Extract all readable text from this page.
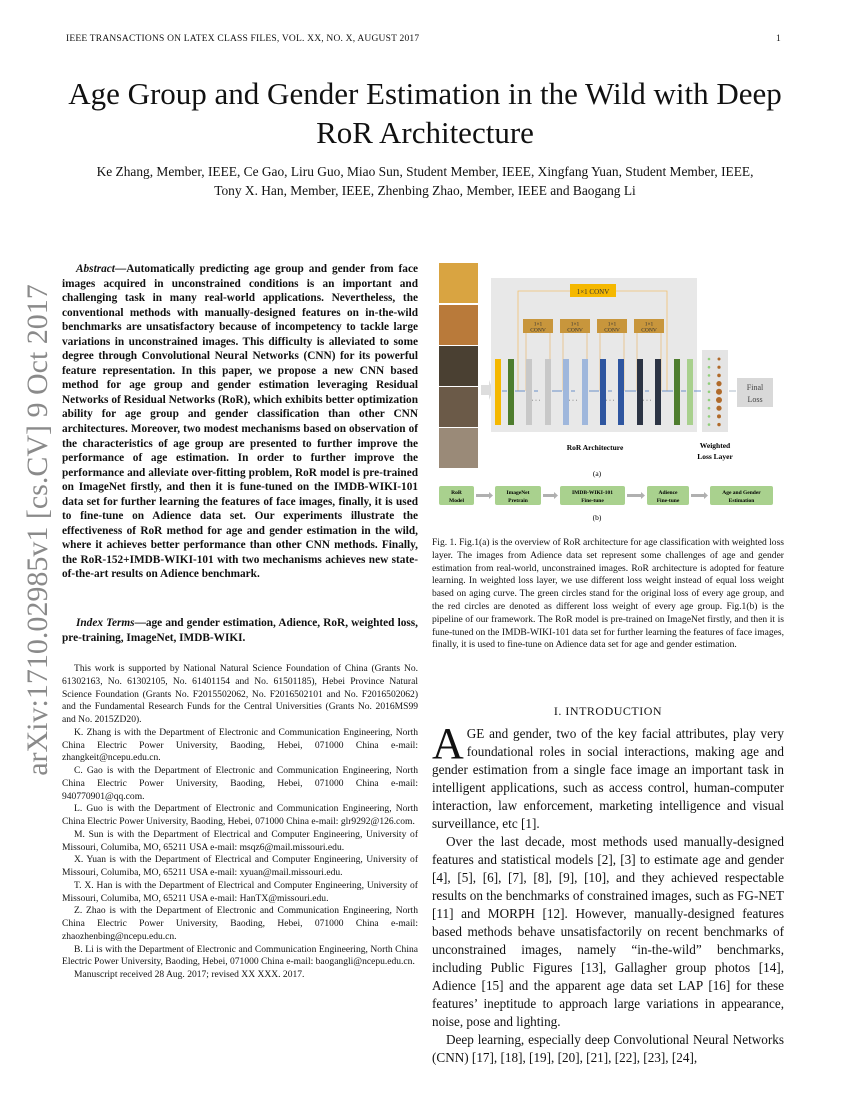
IEEE TRANSACTIONS ON LATEX CLASS FILES, VOL. XX, NO. X, AUGUST 2017	1
Age Group and Gender Estimation in the Wild with Deep RoR Architecture
Ke Zhang, Member, IEEE, Ce Gao, Liru Guo, Miao Sun, Student Member, IEEE, Xingfang Yuan, Student Member, IEEE, Tony X. Han, Member, IEEE, Zhenbing Zhao, Member, IEEE and Baogang Li
arXiv:1710.02985v1 [cs.CV] 9 Oct 2017

Abstract—Automatically predicting age group and gender from face images acquired in unconstrained conditions is an important and challenging task in many real-world applications. Nevertheless, the conventional methods with manually-designed features on in-the-wild benchmarks are unsatisfactory because of incompetency to tackle large variations in unconstrained images. This difficulty is alleviated to some degree through Convolutional Neural Networks (CNN) for its powerful feature representation. In this paper, we propose a new CNN based method for age group and gender estimation leveraging Residual Networks of Residual Networks (RoR), which exhibits better optimization ability for age group and gender classification than other CNN architectures. Moreover, two modest mechanisms based on observation of the characteristics of age group are presented to further improve the performance of age estimation. In order to further improve the performance and alleviate over-fitting problem, RoR model is pre-trained on ImageNet firstly, and then it is fune-tuned on the IMDB-WIKI-101 data set for further learning the features of face images, finally, it is used to fine-tune on Adience data set. Our experiments illustrate the effectiveness of RoR method for age and gender estimation in the wild, where it achieves better performance than other CNN methods. Finally, the RoR-152+IMDB-WIKI-101 with two mechanisms achieves new state-of-the-art results on Adience benchmark.

Index Terms—age and gender estimation, Adience, RoR, weighted loss, pre-training, ImageNet, IMDB-WIKI.

This work is supported by National Natural Science Foundation of China (Grants No. 61302163, No. 61302105, No. 61401154 and No. 61501185), Hebei Province Natural Science Foundation (Grants No. F2015502062, No. F2016502101 and No. F2016502062) and the Fundamental Research Funds for the Central Universities (Grants No. 2016MS99 and No. 2015ZD20).

K. Zhang is with the Department of Electronic and Communication Engineering, North China Electric Power University, Baoding, Hebei, 071000 China e-mail: zhangkeit@ncepu.edu.cn.

C. Gao is with the Department of Electronic and Communication Engineering, North China Electric Power University, Baoding, Hebei, 071000 China e-mail: 940770901@qq.com.

L. Guo is with the Department of Electronic and Communication Engineering, North China Electric Power University, Baoding, Hebei, 071000 China e-mail: glr9292@126.com.

M. Sun is with the Department of Electrical and Computer Engineering, University of Missouri, Columiba, MO, 65211 USA e-mail: msqz6@mail.missouri.edu.

X. Yuan is with the Department of Electrical and Computer Engineering, University of Missouri, Columiba, MO, 65211 USA e-mail: xyuan@mail.missouri.edu.

T. X. Han is with the Department of Electrical and Computer Engineering, University of Missouri, Columiba, MO, 65211 USA e-mail: HanTX@missouri.edu.

Z. Zhao is with the Department of Electronic and Communication Engineering, North China Electric Power University, Baoding, Hebei, 071000 China e-mail: zhaozhenbing@ncepu.edu.cn.

B. Li is with the Department of Electronic and Communication Engineering, North China Electric Power University, Baoding, Hebei, 071000 China e-mail: baogangli@ncepu.edu.cn.

Manuscript received 28 Aug. 2017; revised XX XXX. 2017.

1×1 CONV
1×1
CONV
1×1
CONV
1×1
CONV
1×1
CONV
· · ·	· · ·	· · ·	· · ·
Final
Loss
RoR Architecture	Weighted
Loss Layer
(a)
RoR
Model
ImageNet
Pretrain
IMDB-WIKI-101
Fine-tune
Adience
Fine-tune
Age and Gender
Estimation
(b)

Fig. 1. Fig.1(a) is the overview of RoR architecture for age classification with weighted loss layer. The images from Adience data set represent some challenges of age and gender estimation from real-world, unconstrained images. RoR architecture is adopted for feature learning. In weighted loss layer, we use different loss weight instead of equal loss weight based on aging curve. The green circles stand for the original loss of every age group, and the red circles are denoted as different loss weight of every age group. Fig.1(b) is the pipeline of our framework. The RoR model is pre-trained on ImageNet firstly, and then it is fune-tuned on the IMDB-WIKI-101 data set for further learning the features of face images, finally, it is used to fine-tune on Adience data set for age and gender estimation.

I. INTRODUCTION

AGE and gender, two of the key facial attributes, play very foundational roles in social interactions, making age and gender estimation from a single face image an important task in intelligent applications, such as access control, human-computer interaction, law enforcement, marketing intelligence and visual surveillance, etc [1].

Over the last decade, most methods used manually-designed features and statistical models [2], [3] to estimate age and gender [4], [5], [6], [7], [8], [9], [10], and they achieved respectable results on the benchmarks of constrained images, such as FG-NET [11] and MORPH [12]. However, manually-designed features based methods behave unsatisfactorily on recent benchmarks of unconstrained images, namely “in-the-wild” benchmarks, including Public Figures [13], Gallagher group photos [14], Adience [15] and the apparent age data set LAP [16] for these features’ ineptitude to approach large variations in appearance, noise, pose and lighting.

Deep learning, especially deep Convolutional Neural Networks (CNN) [17], [18], [19], [20], [21], [22], [23], [24],
